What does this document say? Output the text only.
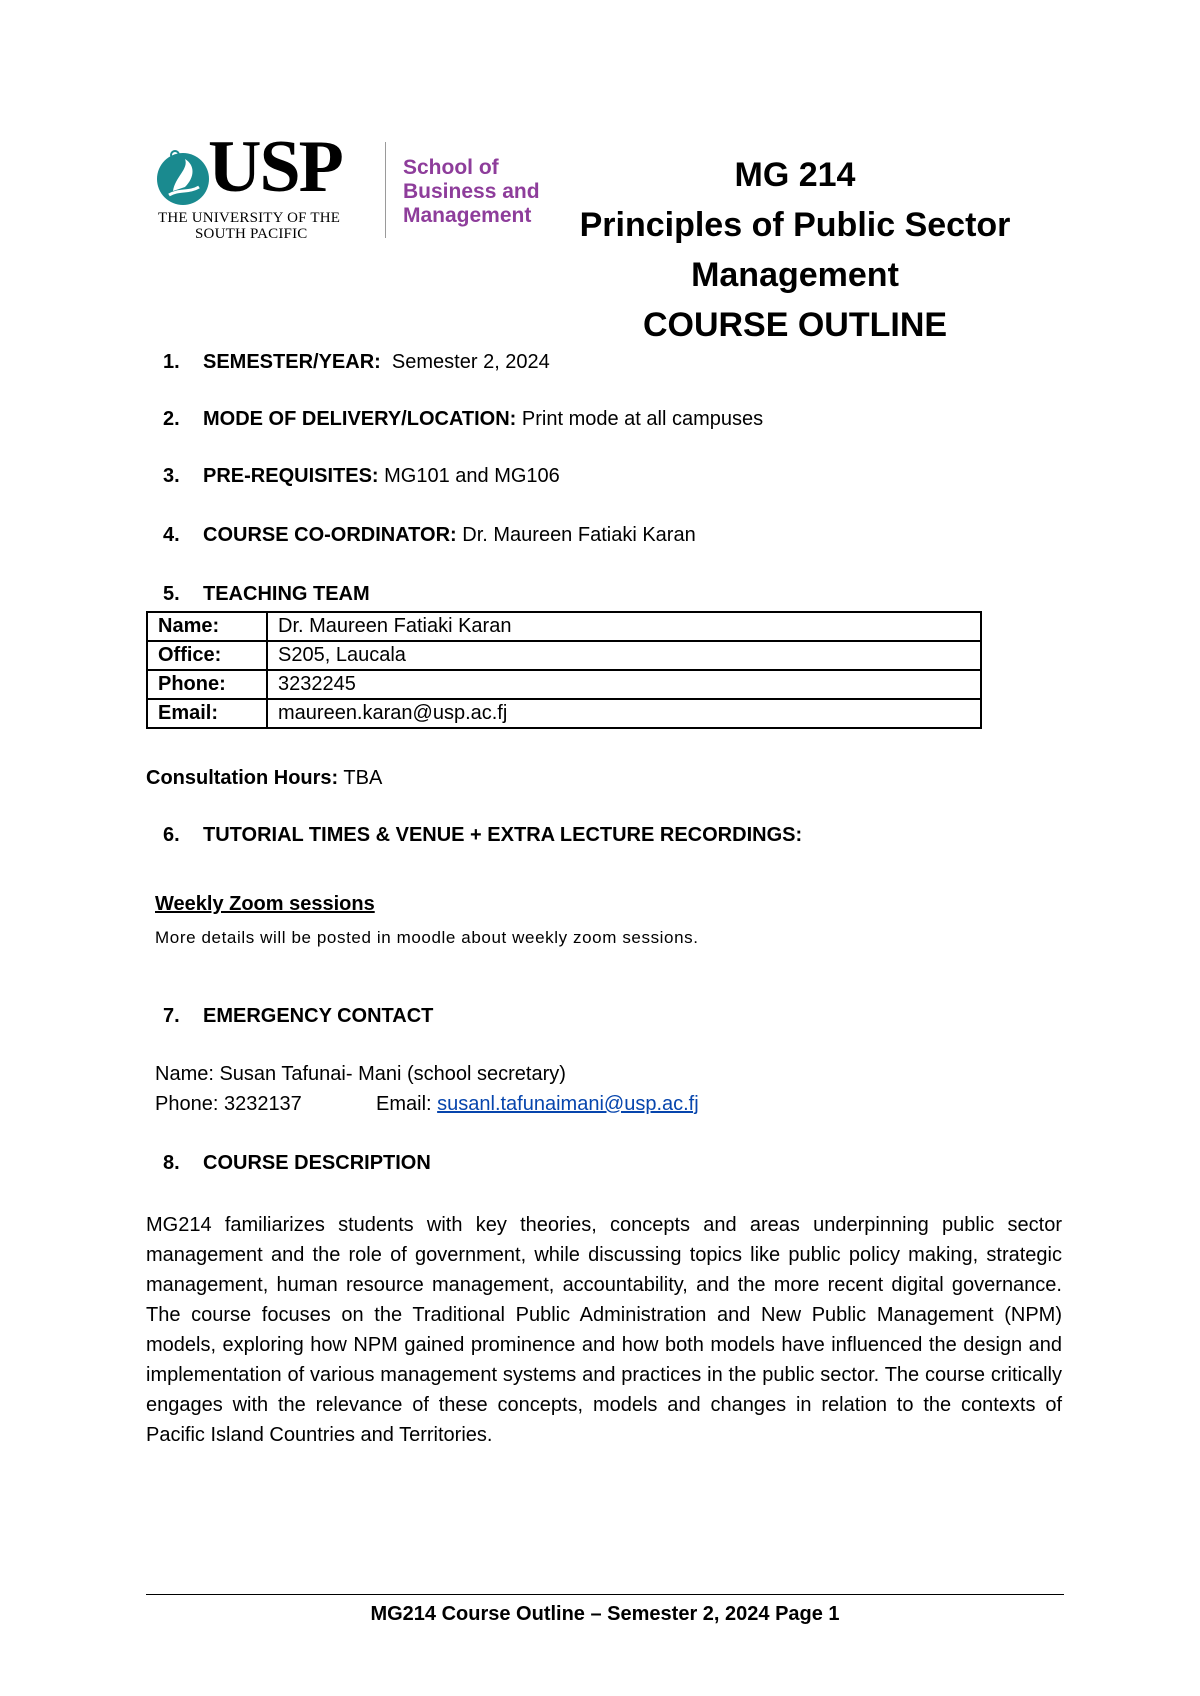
USP
THE UNIVERSITY OF THE
SOUTH PACIFIC
School of
Business and
Management
MG 214
Principles of Public Sector
Management
COURSE OUTLINE
1. SEMESTER/YEAR:  Semester 2, 2024
2. MODE OF DELIVERY/LOCATION: Print mode at all campuses
3. PRE-REQUISITES: MG101 and MG106
4. COURSE CO-ORDINATOR: Dr. Maureen Fatiaki Karan
5. TEACHING TEAM
Name:	Dr. Maureen Fatiaki Karan
Office:	S205, Laucala
Phone:	3232245
Email:	maureen.karan@usp.ac.fj
Consultation Hours: TBA
6. TUTORIAL TIMES & VENUE + EXTRA LECTURE RECORDINGS:
Weekly Zoom sessions
More details will be posted in moodle about weekly zoom sessions.
7. EMERGENCY CONTACT
Name: Susan Tafunai- Mani (school secretary)
Phone: 3232137	Email: susanl.tafunaimani@usp.ac.fj
8. COURSE DESCRIPTION
MG214 familiarizes students with key theories, concepts and areas underpinning public sector management and the role of government, while discussing topics like public policy making, strategic management, human resource management, accountability, and the more recent digital governance. The course focuses on the Traditional Public Administration and New Public Management (NPM) models, exploring how NPM gained prominence and how both models have influenced the design and implementation of various management systems and practices in the public sector. The course critically engages with the relevance of these concepts, models and changes in relation to the contexts of Pacific Island Countries and Territories.
MG214 Course Outline – Semester 2, 2024 Page 1
